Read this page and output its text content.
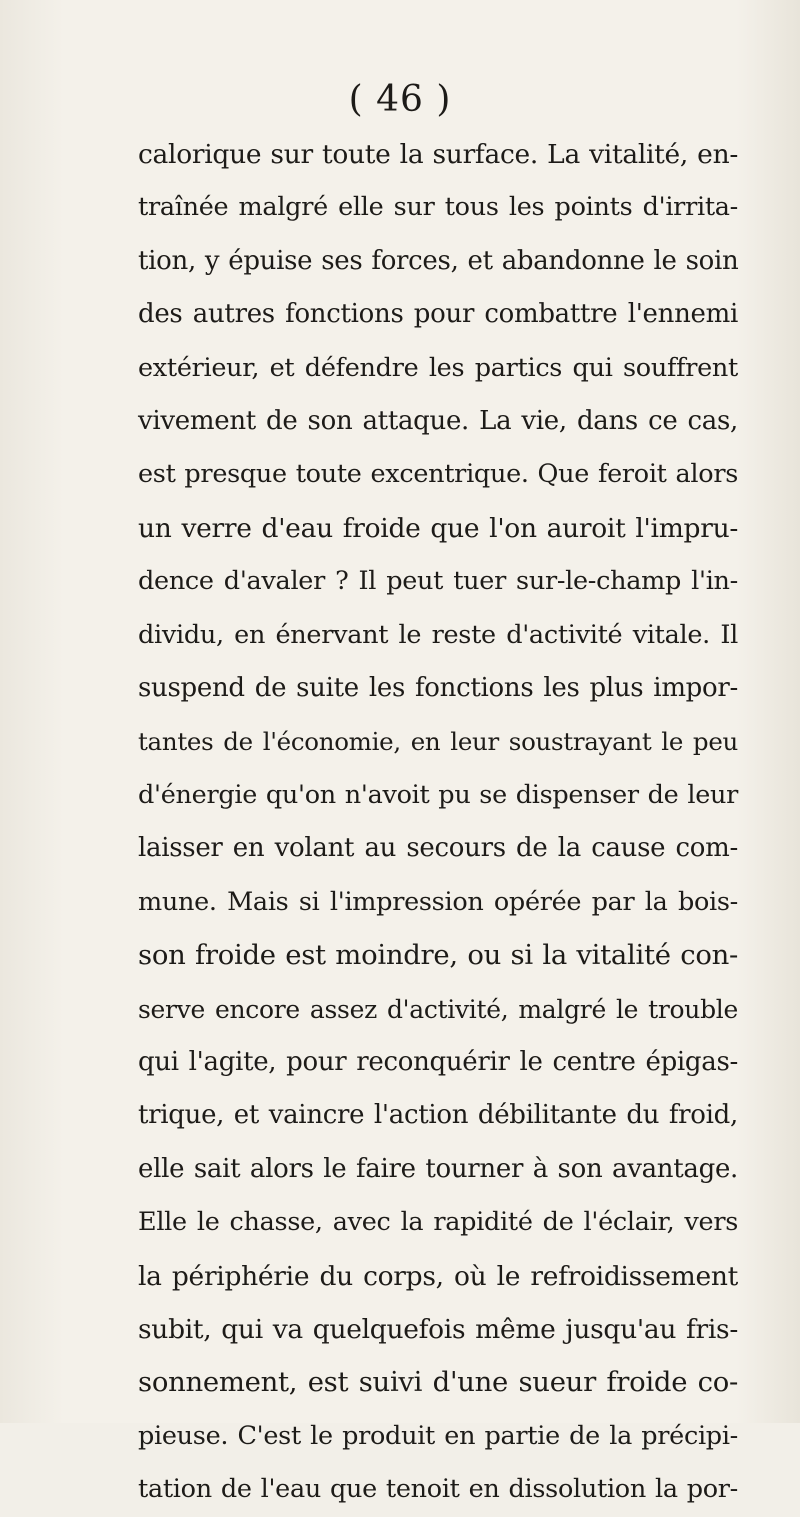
( 46 )
calorique sur toute la surface. La vitalité, en-
traînée malgré elle sur tous les points d'irrita-
tion, y épuise ses forces, et abandonne le soin
des autres fonctions pour combattre l'ennemi
extérieur, et défendre les partics qui souffrent
vivement de son attaque. La vie, dans ce cas,
est presque toute excentrique. Que feroit alors
un verre d'eau froide que l'on auroit l'impru-
dence d'avaler ? Il peut tuer sur-le-champ l'in-
dividu, en énervant le reste d'activité vitale. Il
suspend de suite les fonctions les plus impor-
tantes de l'économie, en leur soustrayant le peu
d'énergie qu'on n'avoit pu se dispenser de leur
laisser en volant au secours de la cause com-
mune. Mais si l'impression opérée par la bois-
son froide est moindre, ou si la vitalité con-
serve encore assez d'activité, malgré le trouble
qui l'agite, pour reconquérir le centre épigas-
trique, et vaincre l'action débilitante du froid,
elle sait alors le faire tourner à son avantage.
Elle le chasse, avec la rapidité de l'éclair, vers
la périphérie du corps, où le refroidissement
subit, qui va quelquefois même jusqu'au fris-
sonnement, est suivi d'une sueur froide co-
pieuse. C'est le produit en partie de la précipi-
tation de l'eau que tenoit en dissolution la por-
